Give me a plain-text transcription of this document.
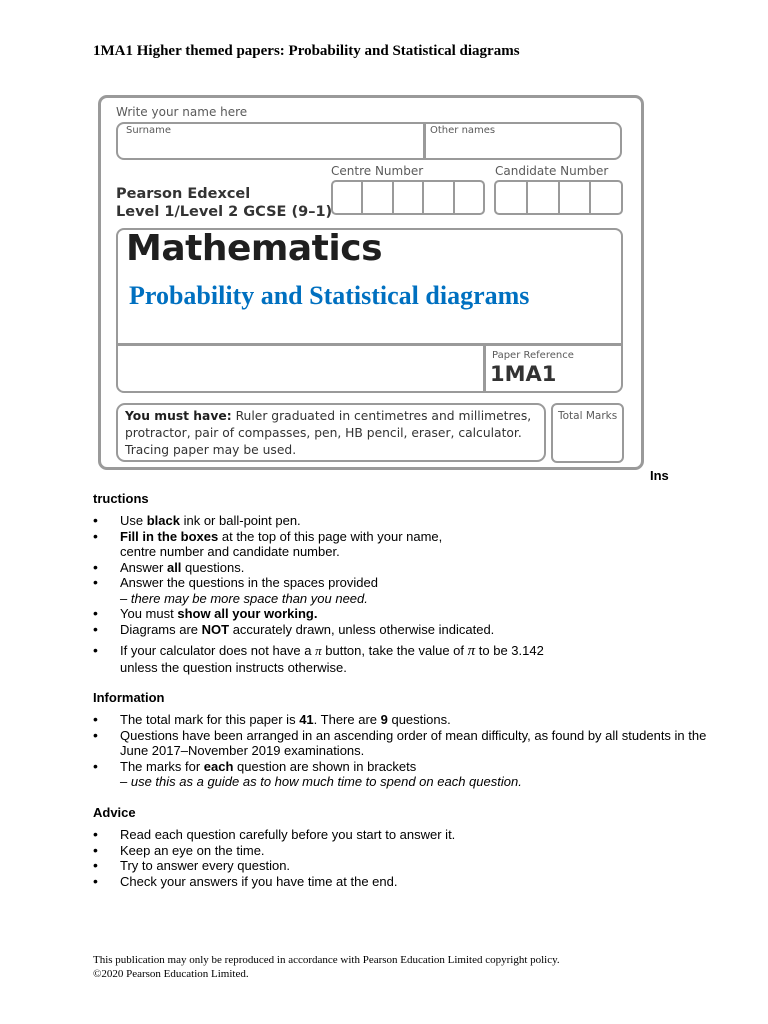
1MA1 Higher themed papers: Probability and Statistical diagrams
Write your name here
Surname	Other names
Centre Number	Candidate Number
Pearson Edexcel
Level 1/Level 2 GCSE (9–1)
Mathematics
Probability and Statistical diagrams
Paper Reference
1MA1
You must have: Ruler graduated in centimetres and millimetres,
protractor, pair of compasses, pen, HB pencil, eraser, calculator.
Tracing paper may be used.
Total Marks
Ins
tructions
• Use black ink or ball-point pen.
• Fill in the boxes at the top of this page with your name,
centre number and candidate number.
• Answer all questions.
• Answer the questions in the spaces provided
– there may be more space than you need.
• You must show all your working.
• Diagrams are NOT accurately drawn, unless otherwise indicated.
• If your calculator does not have a π button, take the value of π to be 3.142
unless the question instructs otherwise.
Information
• The total mark for this paper is 41. There are 9 questions.
• Questions have been arranged in an ascending order of mean difficulty, as found by all students in the June 2017–November 2019 examinations.
• The marks for each question are shown in brackets
– use this as a guide as to how much time to spend on each question.
Advice
• Read each question carefully before you start to answer it.
• Keep an eye on the time.
• Try to answer every question.
• Check your answers if you have time at the end.
This publication may only be reproduced in accordance with Pearson Education Limited copyright policy.
©2020 Pearson Education Limited.
